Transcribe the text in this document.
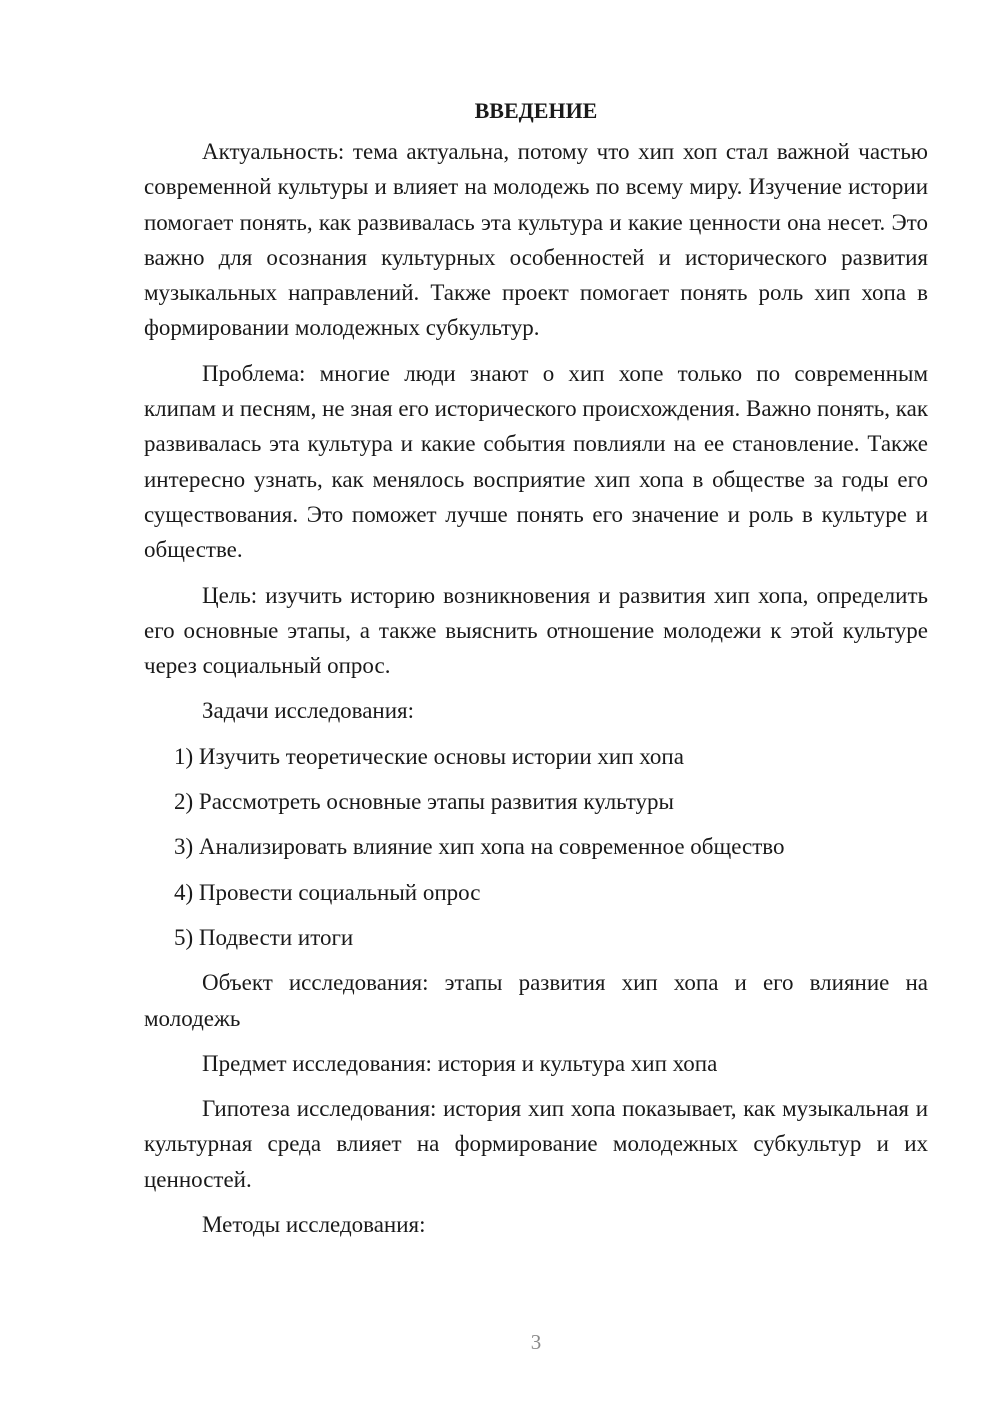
ВВЕДЕНИЕ

Актуальность: тема актуальна, потому что хип хоп стал важной частью современной культуры и влияет на молодежь по всему миру. Изучение истории помогает понять, как развивалась эта культура и какие ценности она несет. Это важно для осознания культурных особенностей и исторического развития музыкальных направлений. Также проект помогает понять роль хип хопа в формировании молодежных субкультур.

Проблема: многие люди знают о хип хопе только по современным клипам и песням, не зная его исторического происхождения. Важно понять, как развивалась эта культура и какие события повлияли на ее становление. Также интересно узнать, как менялось восприятие хип хопа в обществе за годы его существования. Это поможет лучше понять его значение и роль в культуре и обществе.

Цель: изучить историю возникновения и развития хип хопа, определить его основные этапы, а также выяснить отношение молодежи к этой культуре через социальный опрос.

Задачи исследования:

1) Изучить теоретические основы истории хип хопа
2) Рассмотреть основные этапы развития культуры
3) Анализировать влияние хип хопа на современное общество
4) Провести социальный опрос
5) Подвести итоги

Объект исследования: этапы развития хип хопа и его влияние на молодежь

Предмет исследования: история и культура хип хопа

Гипотеза исследования: история хип хопа показывает, как музыкальная и культурная среда влияет на формирование молодежных субкультур и их ценностей.

Методы исследования:

3
